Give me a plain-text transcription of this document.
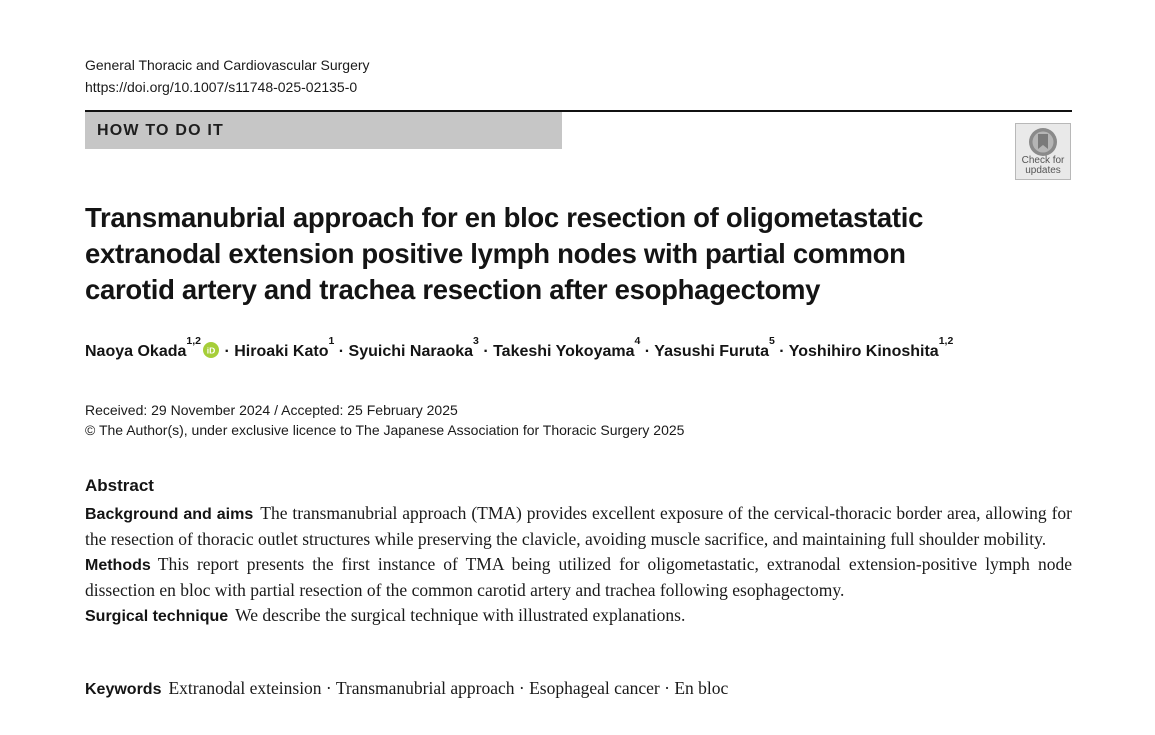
General Thoracic and Cardiovascular Surgery
https://doi.org/10.1007/s11748-025-02135-0
HOW TO DO IT
Check for
updates
Transmanubrial approach for en bloc resection of oligometastatic
extranodal extension positive lymph nodes with partial common
carotid artery and trachea resection after esophagectomy
Naoya Okada$^{1,2}$
iD · Hiroaki Kato$^1$ · Syuichi Naraoka$^3$ · Takeshi Yokoyama$^4$ · Yasushi Furuta$^5$ · Yoshihiro Kinoshita$^{1,2}$
Received: 29 November 2024 / Accepted: 25 February 2025
© The Author(s), under exclusive licence to The Japanese Association for Thoracic Surgery 2025
Abstract

Background and aims The transmanubrial approach (TMA) provides excellent exposure of the cervical-thoracic border area, allowing for the resection of thoracic outlet structures while preserving the clavicle, avoiding muscle sacrifice, and maintaining full shoulder mobility.

Methods This report presents the first instance of TMA being utilized for oligometastatic, extranodal extension-positive lymph node dissection en bloc with partial resection of the common carotid artery and trachea following esophagectomy.

Surgical technique We describe the surgical technique with illustrated explanations.

Keywords Extranodal exteinsion · Transmanubrial approach · Esophageal cancer · En bloc
